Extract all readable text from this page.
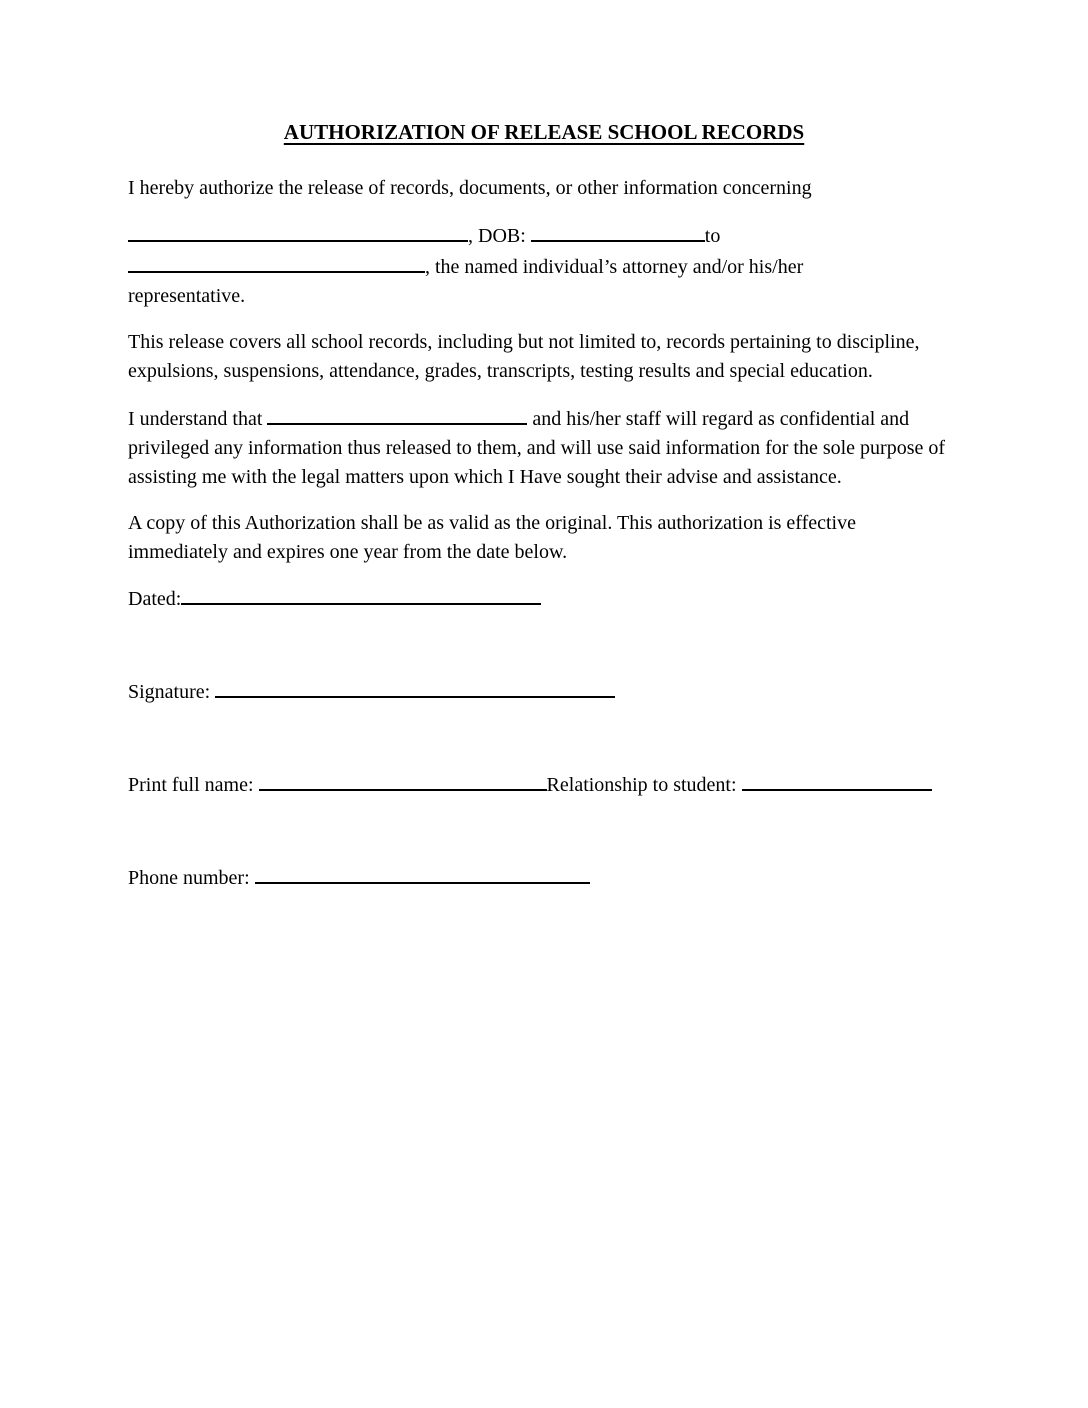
AUTHORIZATION OF RELEASE SCHOOL RECORDS

I hereby authorize the release of records, documents, or other information concerning

, DOB:	to
, the named individual’s attorney and/or his/her
representative.

This release covers all school records, including but not limited to, records pertaining to discipline, expulsions, suspensions, attendance, grades, transcripts, testing results and special education.

I understand that	and his/her staff will regard as confidential and privileged any information thus released to them, and will use said information for the sole purpose of assisting me with the legal matters upon which I Have sought their advise and assistance.

A copy of this Authorization shall be as valid as the original. This authorization is effective immediately and expires one year from the date below.

Dated:
Signature:
Print full name:	Relationship to student:
Phone number:
